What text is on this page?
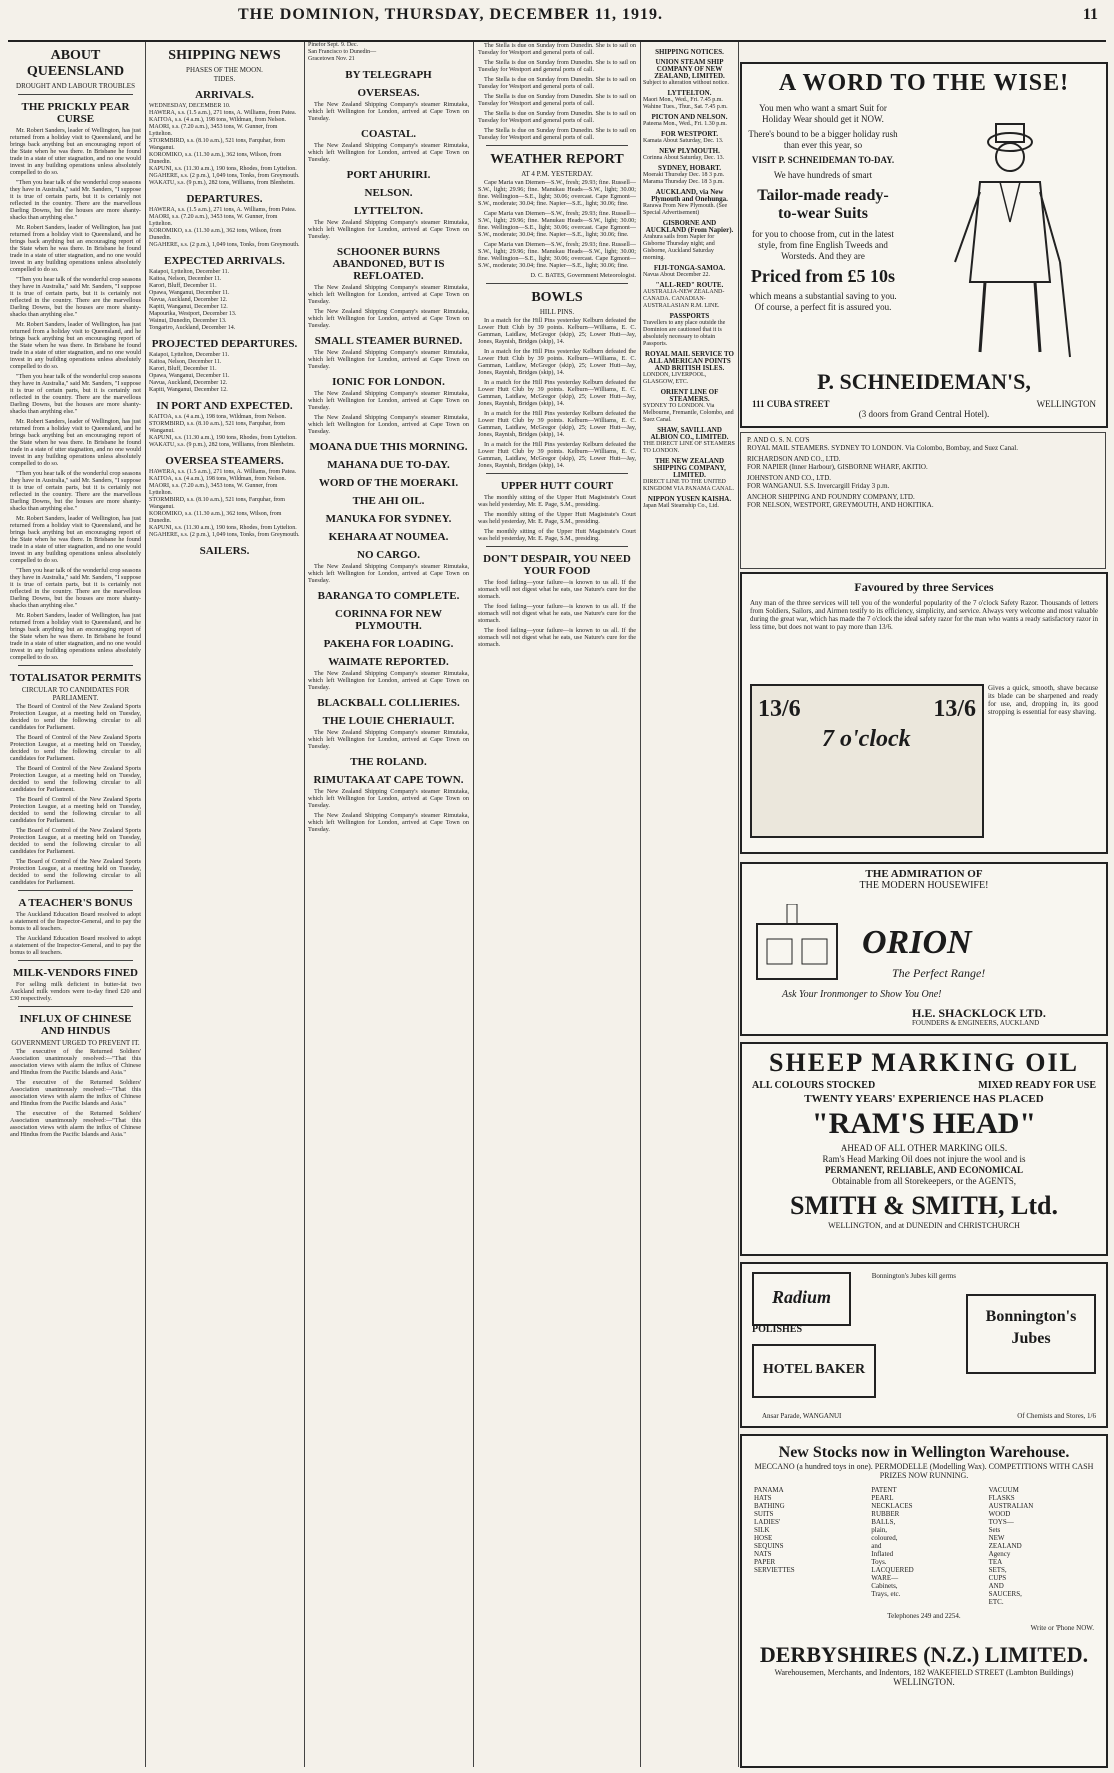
THE DOMINION, THURSDAY, DECEMBER 11, 1919.	11
ABOUT QUEENSLAND
DROUGHT AND LABOUR TROUBLES
THE PRICKLY PEAR CURSE

Mr. Robert Sanders, leader of Wellington, has just returned from a holiday visit to Queensland, and he brings back anything but an encouraging report of the State when he was there. In Brisbane he found trade in a state of utter stagnation, and no one would invest in any building operations unless absolutely compelled to do so.

"Then you hear talk of the wonderful crop seasons they have in Australia," said Mr. Sanders, "I suppose it is true of certain parts, but it is certainly not reflected in the country. There are the marvellous Darling Downs, but the houses are more shanty-shacks than anything else."

Mr. Robert Sanders, leader of Wellington, has just returned from a holiday visit to Queensland, and he brings back anything but an encouraging report of the State when he was there. In Brisbane he found trade in a state of utter stagnation, and no one would invest in any building operations unless absolutely compelled to do so.

"Then you hear talk of the wonderful crop seasons they have in Australia," said Mr. Sanders, "I suppose it is true of certain parts, but it is certainly not reflected in the country. There are the marvellous Darling Downs, but the houses are more shanty-shacks than anything else."

Mr. Robert Sanders, leader of Wellington, has just returned from a holiday visit to Queensland, and he brings back anything but an encouraging report of the State when he was there. In Brisbane he found trade in a state of utter stagnation, and no one would invest in any building operations unless absolutely compelled to do so.

"Then you hear talk of the wonderful crop seasons they have in Australia," said Mr. Sanders, "I suppose it is true of certain parts, but it is certainly not reflected in the country. There are the marvellous Darling Downs, but the houses are more shanty-shacks than anything else."

Mr. Robert Sanders, leader of Wellington, has just returned from a holiday visit to Queensland, and he brings back anything but an encouraging report of the State when he was there. In Brisbane he found trade in a state of utter stagnation, and no one would invest in any building operations unless absolutely compelled to do so.

"Then you hear talk of the wonderful crop seasons they have in Australia," said Mr. Sanders, "I suppose it is true of certain parts, but it is certainly not reflected in the country. There are the marvellous Darling Downs, but the houses are more shanty-shacks than anything else."

Mr. Robert Sanders, leader of Wellington, has just returned from a holiday visit to Queensland, and he brings back anything but an encouraging report of the State when he was there. In Brisbane he found trade in a state of utter stagnation, and no one would invest in any building operations unless absolutely compelled to do so.

"Then you hear talk of the wonderful crop seasons they have in Australia," said Mr. Sanders, "I suppose it is true of certain parts, but it is certainly not reflected in the country. There are the marvellous Darling Downs, but the houses are more shanty-shacks than anything else."

Mr. Robert Sanders, leader of Wellington, has just returned from a holiday visit to Queensland, and he brings back anything but an encouraging report of the State when he was there. In Brisbane he found trade in a state of utter stagnation, and no one would invest in any building operations unless absolutely compelled to do so.

TOTALISATOR PERMITS
CIRCULAR TO CANDIDATES FOR PARLIAMENT.

The Board of Control of the New Zealand Sports Protection League, at a meeting held on Tuesday, decided to send the following circular to all candidates for Parliament.

The Board of Control of the New Zealand Sports Protection League, at a meeting held on Tuesday, decided to send the following circular to all candidates for Parliament.

The Board of Control of the New Zealand Sports Protection League, at a meeting held on Tuesday, decided to send the following circular to all candidates for Parliament.

The Board of Control of the New Zealand Sports Protection League, at a meeting held on Tuesday, decided to send the following circular to all candidates for Parliament.

The Board of Control of the New Zealand Sports Protection League, at a meeting held on Tuesday, decided to send the following circular to all candidates for Parliament.

The Board of Control of the New Zealand Sports Protection League, at a meeting held on Tuesday, decided to send the following circular to all candidates for Parliament.

A TEACHER'S BONUS

The Auckland Education Board resolved to adopt a statement of the Inspector-General, and to pay the bonus to all teachers.

The Auckland Education Board resolved to adopt a statement of the Inspector-General, and to pay the bonus to all teachers.

MILK-VENDORS FINED

For selling milk deficient in butter-fat two Auckland milk vendors were to-day fined £20 and £30 respectively.

INFLUX OF CHINESE AND HINDUS
GOVERNMENT URGED TO PREVENT IT.

The executive of the Returned Soldiers' Association unanimously resolved:—"That this association views with alarm the influx of Chinese and Hindus from the Pacific Islands and Asia."

The executive of the Returned Soldiers' Association unanimously resolved:—"That this association views with alarm the influx of Chinese and Hindus from the Pacific Islands and Asia."

The executive of the Returned Soldiers' Association unanimously resolved:—"That this association views with alarm the influx of Chinese and Hindus from the Pacific Islands and Asia."

SHIPPING NEWS
PHASES OF THE MOON.
TIDES.
ARRIVALS.
WEDNESDAY, DECEMBER 10.
HAWERA, s.s. (1.5 a.m.), 271 tons, A. Williams, from Patea.
KAITOA, s.s. (4 a.m.), 198 tons, Wildman, from Nelson.
MAORI, s.s. (7.20 a.m.), 3453 tons, W. Gunner, from Lyttelton.
STORMBIRD, s.s. (8.10 a.m.), 521 tons, Farquhar, from Wanganui.
KOROMIKO, s.s. (11.30 a.m.), 362 tons, Wilson, from Dunedin.
KAPUNI, s.s. (11.30 a.m.), 190 tons, Rhodes, from Lyttelton.
NGAHERE, s.s. (2 p.m.), 1,049 tons, Tonks, from Greymouth.
WAKATU, s.s. (9 p.m.), 282 tons, Williams, from Blenheim.
DEPARTURES.
HAWERA, s.s. (1.5 a.m.), 271 tons, A. Williams, from Patea.
MAORI, s.s. (7.20 a.m.), 3453 tons, W. Gunner, from Lyttelton.
KOROMIKO, s.s. (11.30 a.m.), 362 tons, Wilson, from Dunedin.
NGAHERE, s.s. (2 p.m.), 1,049 tons, Tonks, from Greymouth.
EXPECTED ARRIVALS.
Kaiapoi, Lyttelton, December 11.
Kaitoa, Nelson, December 11.
Karori, Bluff, December 11.
Opawa, Wanganui, December 11.
Navua, Auckland, December 12.
Kapiti, Wanganui, December 12.
Mapourika, Westport, December 13.
Wainui, Dunedin, December 13.
Tongariro, Auckland, December 14.
PROJECTED DEPARTURES.
Kaiapoi, Lyttelton, December 11.
Kaitoa, Nelson, December 11.
Karori, Bluff, December 11.
Opawa, Wanganui, December 11.
Navua, Auckland, December 12.
Kapiti, Wanganui, December 12.
IN PORT AND EXPECTED.
KAITOA, s.s. (4 a.m.), 198 tons, Wildman, from Nelson.
STORMBIRD, s.s. (8.10 a.m.), 521 tons, Farquhar, from Wanganui.
KAPUNI, s.s. (11.30 a.m.), 190 tons, Rhodes, from Lyttelton.
WAKATU, s.s. (9 p.m.), 282 tons, Williams, from Blenheim.
OVERSEA STEAMERS.
HAWERA, s.s. (1.5 a.m.), 271 tons, A. Williams, from Patea.
KAITOA, s.s. (4 a.m.), 198 tons, Wildman, from Nelson.
MAORI, s.s. (7.20 a.m.), 3453 tons, W. Gunner, from Lyttelton.
STORMBIRD, s.s. (8.10 a.m.), 521 tons, Farquhar, from Wanganui.
KOROMIKO, s.s. (11.30 a.m.), 362 tons, Wilson, from Dunedin.
KAPUNI, s.s. (11.30 a.m.), 190 tons, Rhodes, from Lyttelton.
NGAHERE, s.s. (2 p.m.), 1,049 tons, Tonks, from Greymouth.
SAILERS.
Pinefor Sept. 9. Dec.
San Francisco to Dunedin—
Gracetown Nov. 21
BY TELEGRAPH
OVERSEAS.

The New Zealand Shipping Company's steamer Rimutaka, which left Wellington for London, arrived at Cape Town on Tuesday.

COASTAL.

The New Zealand Shipping Company's steamer Rimutaka, which left Wellington for London, arrived at Cape Town on Tuesday.

PORT AHURIRI.
NELSON.
LYTTELTON.

The New Zealand Shipping Company's steamer Rimutaka, which left Wellington for London, arrived at Cape Town on Tuesday.

SCHOONER BURNS ABANDONED, BUT IS REFLOATED.

The New Zealand Shipping Company's steamer Rimutaka, which left Wellington for London, arrived at Cape Town on Tuesday.

The New Zealand Shipping Company's steamer Rimutaka, which left Wellington for London, arrived at Cape Town on Tuesday.

SMALL STEAMER BURNED.

The New Zealand Shipping Company's steamer Rimutaka, which left Wellington for London, arrived at Cape Town on Tuesday.

IONIC FOR LONDON.

The New Zealand Shipping Company's steamer Rimutaka, which left Wellington for London, arrived at Cape Town on Tuesday.

The New Zealand Shipping Company's steamer Rimutaka, which left Wellington for London, arrived at Cape Town on Tuesday.

MOANA DUE THIS MORNING.
MAHANA DUE TO-DAY.
WORD OF THE MOERAKI.
THE AHI OIL.
MANUKA FOR SYDNEY.
KEHARA AT NOUMEA.
NO CARGO.

The New Zealand Shipping Company's steamer Rimutaka, which left Wellington for London, arrived at Cape Town on Tuesday.

BARANGA TO COMPLETE.
CORINNA FOR NEW PLYMOUTH.
PAKEHA FOR LOADING.
WAIMATE REPORTED.

The New Zealand Shipping Company's steamer Rimutaka, which left Wellington for London, arrived at Cape Town on Tuesday.

BLACKBALL COLLIERIES.
THE LOUIE CHERIAULT.

The New Zealand Shipping Company's steamer Rimutaka, which left Wellington for London, arrived at Cape Town on Tuesday.

THE ROLAND.
RIMUTAKA AT CAPE TOWN.

The New Zealand Shipping Company's steamer Rimutaka, which left Wellington for London, arrived at Cape Town on Tuesday.

The New Zealand Shipping Company's steamer Rimutaka, which left Wellington for London, arrived at Cape Town on Tuesday.

The Stella is due on Sunday from Dunedin. She is to sail on Tuesday for Westport and general ports of call.

The Stella is due on Sunday from Dunedin. She is to sail on Tuesday for Westport and general ports of call.

The Stella is due on Sunday from Dunedin. She is to sail on Tuesday for Westport and general ports of call.

The Stella is due on Sunday from Dunedin. She is to sail on Tuesday for Westport and general ports of call.

The Stella is due on Sunday from Dunedin. She is to sail on Tuesday for Westport and general ports of call.

The Stella is due on Sunday from Dunedin. She is to sail on Tuesday for Westport and general ports of call.

WEATHER REPORT
AT 4 P.M. YESTERDAY.

Cape Maria van Diemen—S.W., fresh; 29.93; fine. Russell—S.W., light; 29.96; fine. Manukau Heads—S.W., light; 30.00; fine. Wellington—S.E., light; 30.06; overcast. Cape Egmont—S.W., moderate; 30.04; fine. Napier—S.E., light; 30.06; fine.

Cape Maria van Diemen—S.W., fresh; 29.93; fine. Russell—S.W., light; 29.96; fine. Manukau Heads—S.W., light; 30.00; fine. Wellington—S.E., light; 30.06; overcast. Cape Egmont—S.W., moderate; 30.04; fine. Napier—S.E., light; 30.06; fine.

Cape Maria van Diemen—S.W., fresh; 29.93; fine. Russell—S.W., light; 29.96; fine. Manukau Heads—S.W., light; 30.00; fine. Wellington—S.E., light; 30.06; overcast. Cape Egmont—S.W., moderate; 30.04; fine. Napier—S.E., light; 30.06; fine.

D. C. BATES, Government Meteorologist.

BOWLS
HILL PINS.

In a match for the Hill Pins yesterday Kelburn defeated the Lower Hutt Club by 39 points. Kelburn—Williams, E. C. Gamman, Laidlaw, McGregor (skip), 25; Lower Hutt—Jay, Jones, Raynish, Bridges (skip), 14.

In a match for the Hill Pins yesterday Kelburn defeated the Lower Hutt Club by 39 points. Kelburn—Williams, E. C. Gamman, Laidlaw, McGregor (skip), 25; Lower Hutt—Jay, Jones, Raynish, Bridges (skip), 14.

In a match for the Hill Pins yesterday Kelburn defeated the Lower Hutt Club by 39 points. Kelburn—Williams, E. C. Gamman, Laidlaw, McGregor (skip), 25; Lower Hutt—Jay, Jones, Raynish, Bridges (skip), 14.

In a match for the Hill Pins yesterday Kelburn defeated the Lower Hutt Club by 39 points. Kelburn—Williams, E. C. Gamman, Laidlaw, McGregor (skip), 25; Lower Hutt—Jay, Jones, Raynish, Bridges (skip), 14.

In a match for the Hill Pins yesterday Kelburn defeated the Lower Hutt Club by 39 points. Kelburn—Williams, E. C. Gamman, Laidlaw, McGregor (skip), 25; Lower Hutt—Jay, Jones, Raynish, Bridges (skip), 14.

UPPER HUTT COURT

The monthly sitting of the Upper Hutt Magistrate's Court was held yesterday, Mr. E. Page, S.M., presiding.

The monthly sitting of the Upper Hutt Magistrate's Court was held yesterday, Mr. E. Page, S.M., presiding.

The monthly sitting of the Upper Hutt Magistrate's Court was held yesterday, Mr. E. Page, S.M., presiding.

DON'T DESPAIR, YOU NEED YOUR FOOD

The food failing—your failure—is known to us all. If the stomach will not digest what he eats, use Nature's cure for the stomach.

The food failing—your failure—is known to us all. If the stomach will not digest what he eats, use Nature's cure for the stomach.

The food failing—your failure—is known to us all. If the stomach will not digest what he eats, use Nature's cure for the stomach.

SHIPPING NOTICES.
UNION STEAM SHIP COMPANY OF NEW ZEALAND, LIMITED.
Subject to alteration without notice.
LYTTELTON.
Maori Mon., Wed., Fri. 7.45 p.m. Wahine Tues., Thur., Sat. 7.45 p.m.
PICTON AND NELSON.
Pateena Mon., Wed., Fri. 1.30 p.m.
FOR WESTPORT.
Kamata About Saturday, Dec. 13.
NEW PLYMOUTH.
Corinna About Saturday, Dec. 13.
SYDNEY, HOBART.
Moeraki Thursday Dec. 18 3 p.m. Marama Thursday Dec. 18 3 p.m.
AUCKLAND, via New Plymouth and Onehunga.
Rarawa From New Plymouth. (See Special Advertisement)
GISBORNE AND AUCKLAND (From Napier).
Arahura sails from Napier for Gisborne Thursday night; and Gisborne, Auckland Saturday morning.
FIJI-TONGA-SAMOA.
Navua About December 22.
"ALL-RED" ROUTE.
AUSTRALIA-NEW ZEALAND-CANADA. CANADIAN-AUSTRALASIAN R.M. LINE.
PASSPORTS
Travellers to any place outside the Dominion are cautioned that it is absolutely necessary to obtain Passports.
ROYAL MAIL SERVICE TO ALL AMERICAN POINTS AND BRITISH ISLES.
LONDON, LIVERPOOL, GLASGOW, ETC.
ORIENT LINE OF STEAMERS.
SYDNEY TO LONDON. Via Melbourne, Fremantle, Colombo, and Suez Canal.
SHAW, SAVILL AND ALBION CO., LIMITED.
THE DIRECT LINE OF STEAMERS TO LONDON.
THE NEW ZEALAND SHIPPING COMPANY, LIMITED.
DIRECT LINE TO THE UNITED KINGDOM VIA PANAMA CANAL.
NIPPON YUSEN KAISHA.
Japan Mail Steamship Co., Ltd.
A WORD TO THE WISE!
You men who want a smart Suit for Holiday Wear should get it NOW.
There's bound to be a bigger holiday rush than ever this year, so
VISIT P. SCHNEIDEMAN TO-DAY.
We have hundreds of smart
Tailor-made ready-to-wear Suits
for you to choose from, cut in the latest style, from fine English Tweeds and Worsteds. And they are
Priced from £5 10s
which means a substantial saving to you.
Of course, a perfect fit is assured you.
P. SCHNEIDEMAN'S,
111 CUBA STREET	WELLINGTON
(3 doors from Grand Central Hotel).
P. AND O. S. N. CO'S
ROYAL MAIL STEAMERS. SYDNEY TO LONDON. Via Colombo, Bombay, and Suez Canal.
RICHARDSON AND CO., LTD.
FOR NAPIER (Inner Harbour), GISBORNE WHARF, AKITIO.
JOHNSTON AND CO., LTD.
FOR WANGANUI. S.S. Invercargill Friday 3 p.m.
ANCHOR SHIPPING AND FOUNDRY COMPANY, LTD.
FOR NELSON, WESTPORT, GREYMOUTH, AND HOKITIKA.
Favoured by three Services
Any man of the three services will tell you of the wonderful popularity of the 7 o'clock Safety Razor. Thousands of letters from Soldiers, Sailors, and Airmen testify to its efficiency, simplicity, and service. Always very welcome and most valuable during the great war, which has made the 7 o'clock the ideal safety razor for the man who wants a ready satisfactory razor in less time, but does not want to pay more than 13/6.
13/6	13/6
7 o'clock
Gives a quick, smooth, shave because its blade can be sharpened and ready for use, and, dropping in, its good stropping is essential for easy shaving.
THE ADMIRATION OF
THE MODERN HOUSEWIFE!
ORION
The Perfect Range!
Ask Your Ironmonger to Show You One!
H.E. SHACKLOCK LTD.
FOUNDERS & ENGINEERS, AUCKLAND
SHEEP MARKING OIL
ALL COLOURS STOCKED	MIXED READY FOR USE
TWENTY YEARS' EXPERIENCE HAS PLACED
"RAM'S HEAD"
AHEAD OF ALL OTHER MARKING OILS.
Ram's Head Marking Oil does not injure the wool and is
PERMANENT, RELIABLE, AND ECONOMICAL
Obtainable from all Storekeepers, or the AGENTS,
SMITH & SMITH, Ltd.
WELLINGTON, and at DUNEDIN and CHRISTCHURCH
Radium
POLISHES
HOTEL BAKER
Bonnington's Jubes kill germs
Bonnington's
Jubes
Of Chemists and Stores, 1/6
Ansar Parade, WANGANUI
New Stocks now in Wellington Warehouse.
MECCANO (a hundred toys in one). PERMODELLE (Modelling Wax). COMPETITIONS WITH CASH PRIZES NOW RUNNING.
PANAMA HATS
BATHING SUITS
LADIES' SILK HOSE
SEQUINS NATS
PAPER SERVIETTES
PATENT PEARL NECKLACES
RUBBER BALLS, plain, coloured,
and Inflated Toys.
LACQUERED WARE—Cabinets,
Trays, etc.
VACUUM FLASKS
AUSTRALIAN WOOD TOYS—Sets
NEW ZEALAND Agency
TEA SETS, CUPS AND SAUCERS,
ETC.
Telephones 249 and 2254.
Write or 'Phone NOW.
DERBYSHIRES (N.Z.) LIMITED.
Warehousemen, Merchants, and Indentors, 182 WAKEFIELD STREET (Lambton Buildings)
WELLINGTON.
